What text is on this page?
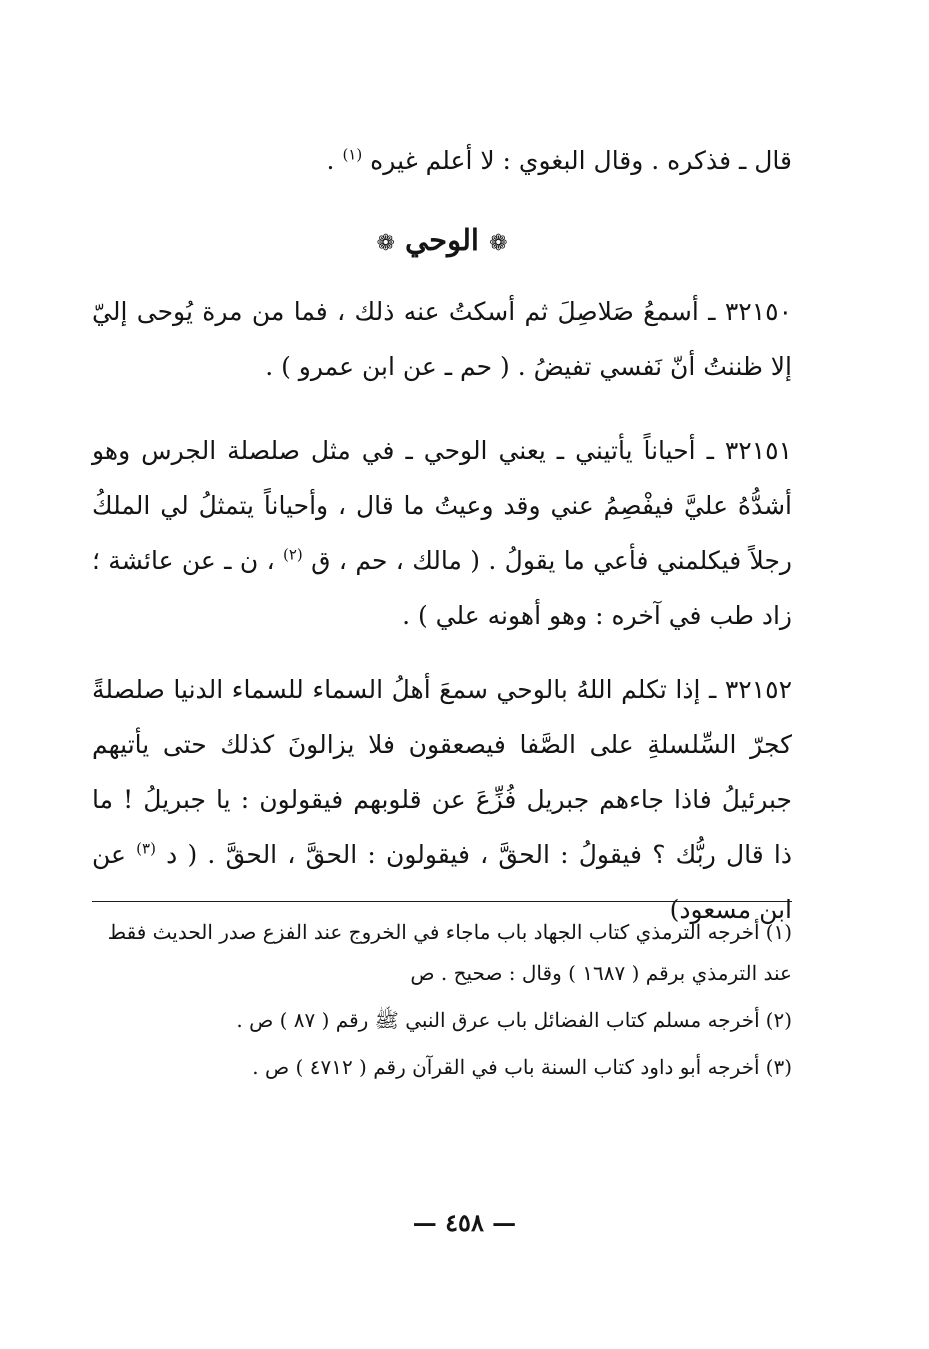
قال ـ فذكره . وقال البغوي : لا أعلم غيره $^{(١)}$ .

❁ الوحي ❁

٣٢١٥٠ ـ أسمعُ صَلاصِلَ ثم أسكتُ عنه ذلك ، فما من مرة يُوحى إليّ إلا ظننتُ أنّ نَفسي تفيضُ . ( حم ـ عن ابن عمرو ) .

٣٢١٥١ ـ أحياناً يأتيني ـ يعني الوحي ـ في مثل صلصلة الجرس وهو أشدُّهُ عليَّ فيفْصِمُ عني وقد وعيتُ ما قال ، وأحياناً يتمثلُ لي الملكُ رجلاً فيكلمني فأعي ما يقولُ . ( مالك ، حم ، ق $^{(٢)}$ ، ن ـ عن عائشة ؛ زاد طب في آخره : وهو أهونه علي ) .

٣٢١٥٢ ـ إذا تكلم اللهُ بالوحي سمعَ أهلُ السماء للسماء الدنيا صلصلةً كجرّ السِّلسلةِ على الصَّفا فيصعقون فلا يزالونَ كذلك حتى يأتيهم جبرئيلُ فاذا جاءهم جبريل فُزِّعَ عن قلوبهم فيقولون : يا جبريلُ ! ما ذا قال ربُّك ؟ فيقولُ : الحقَّ ، فيقولون : الحقَّ ، الحقَّ . ( د $^{(٣)}$ عن ابن مسعود)

(١)أخرجه الترمذي كتاب الجهاد باب ماجاء في الخروج عند الفزع صدر الحديث فقط عند الترمذي برقم ( ١٦٨٧ ) وقال : صحيح . ص

(٢)أخرجه مسلم كتاب الفضائل باب عرق النبي ﷺ رقم ( ٨٧ ) ص .

(٣)أخرجه أبو داود كتاب السنة باب في القرآن رقم ( ٤٧١٢ ) ص .

— ٤٥٨ —
